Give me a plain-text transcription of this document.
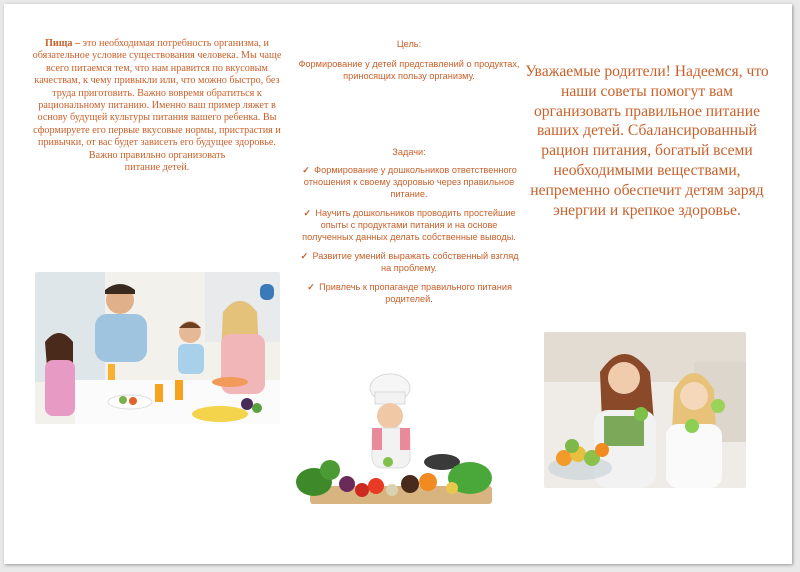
Пища – это необходимая потребность организма, и обязательное условие существования человека. Мы чаще всего питаемся тем, что нам нравится по вкусовым качествам, к чему привыкли или, что можно быстро, без труда приготовить. Важно вовремя обратиться к рациональному питанию. Именно ваш пример ляжет в основу будущей культуры питания вашего ребенка. Вы сформируете его первые вкусовые нормы, пристрастия и привычки, от вас будет зависеть его будущее здоровье. Важно правильно организовать
питание детей.
Цель:
Формирование у детей представлений о продуктах, приносящих пользу организму.
Задачи:
✓ Формирование у дошкольников ответственного отношения к своему здоровью через правильное питание.
✓ Научить дошкольников проводить простейшие опыты с продуктами питания и на основе полученных данных делать собственные выводы.
✓ Развитие умений выражать собственный взгляд на проблему.
✓ Привлечь к пропаганде правильного питания родителей.
Уважаемые родители! Надеемся, что наши советы помогут вам организовать правильное питание ваших детей. Сбалансированный рацион питания, богатый всеми необходимыми веществами, непременно обеспечит детям заряд энергии и крепкое здоровье.
